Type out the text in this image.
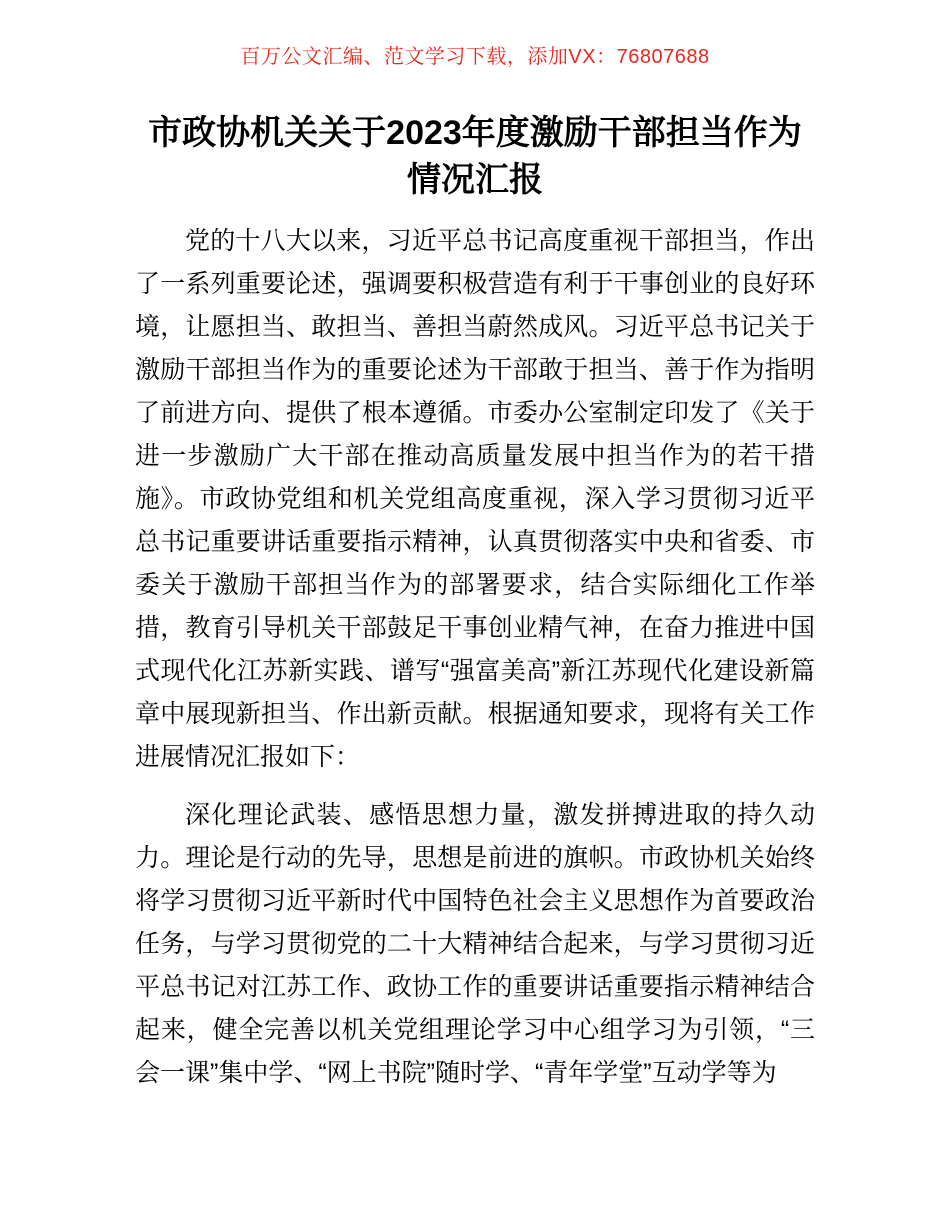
百万公文汇编、范文学习下载，添加VX：76807688
市政协机关关于2023年度激励干部担当作为情况汇报

党的十八大以来，习近平总书记高度重视干部担当，作出了一系列重要论述，强调要积极营造有利于干事创业的良好环境，让愿担当、敢担当、善担当蔚然成风。习近平总书记关于激励干部担当作为的重要论述为干部敢于担当、善于作为指明了前进方向、提供了根本遵循。市委办公室制定印发了《关于进一步激励广大干部在推动高质量发展中担当作为的若干措施》。市政协党组和机关党组高度重视，深入学习贯彻习近平总书记重要讲话重要指示精神，认真贯彻落实中央和省委、市委关于激励干部担当作为的部署要求，结合实际细化工作举措，教育引导机关干部鼓足干事创业精气神，在奋力推进中国式现代化江苏新实践、谱写“强富美高”新江苏现代化建设新篇章中展现新担当、作出新贡献。根据通知要求，现将有关工作进展情况汇报如下：

深化理论武装、感悟思想力量，激发拼搏进取的持久动力。理论是行动的先导，思想是前进的旗帜。市政协机关始终将学习贯彻习近平新时代中国特色社会主义思想作为首要政治任务，与学习贯彻党的二十大精神结合起来，与学习贯彻习近平总书记对江苏工作、政协工作的重要讲话重要指示精神结合起来，健全完善以机关党组理论学习中心组学习为引领，“三会一课”集中学、“网上书院”随时学、“青年学堂”互动学等为
